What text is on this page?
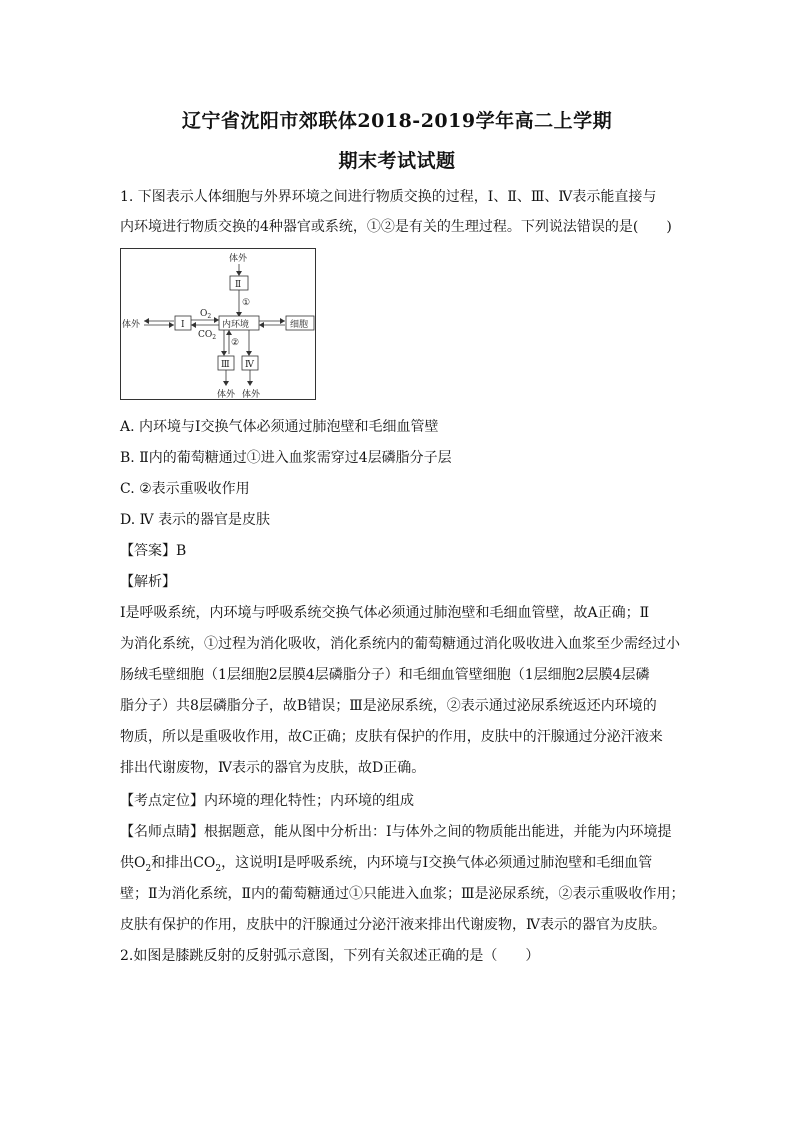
辽宁省沈阳市郊联体2018-2019学年高二上学期
期末考试试题
1. 下图表示人体细胞与外界环境之间进行物质交换的过程，Ⅰ、Ⅱ、Ⅲ、Ⅳ表示能直接与
内环境进行物质交换的4种器官或系统，①②是有关的生理过程。下列说法错误的是(　　)
体外
Ⅱ
①
体外	Ⅰ
$O_2$
$CO_2$
内环境	细胞
②
Ⅲ Ⅳ
体外 体外
A. 内环境与Ⅰ交换气体必须通过肺泡壁和毛细血管壁
B. Ⅱ内的葡萄糖通过①进入血浆需穿过4层磷脂分子层
C. ②表示重吸收作用
D. Ⅳ 表示的器官是皮肤
【答案】B
【解析】
Ⅰ是呼吸系统，内环境与呼吸系统交换气体必须通过肺泡壁和毛细血管壁，故A正确；Ⅱ
为消化系统，①过程为消化吸收，消化系统内的葡萄糖通过消化吸收进入血浆至少需经过小
肠绒毛壁细胞（1层细胞2层膜4层磷脂分子）和毛细血管壁细胞（1层细胞2层膜4层磷
脂分子）共8层磷脂分子，故B错误；Ⅲ是泌尿系统，②表示通过泌尿系统返还内环境的
物质，所以是重吸收作用，故C正确；皮肤有保护的作用，皮肤中的汗腺通过分泌汗液来
排出代谢废物，Ⅳ表示的器官为皮肤，故D正确。
【考点定位】内环境的理化特性；内环境的组成
【名师点睛】根据题意，能从图中分析出：Ⅰ与体外之间的物质能出能进，并能为内环境提
供$O_2$和排出$CO_2$，这说明Ⅰ是呼吸系统，内环境与Ⅰ交换气体必须通过肺泡壁和毛细血管
壁；Ⅱ为消化系统，Ⅱ内的葡萄糖通过①只能进入血浆；Ⅲ是泌尿系统，②表示重吸收作用；
皮肤有保护的作用，皮肤中的汗腺通过分泌汗液来排出代谢废物，Ⅳ表示的器官为皮肤。
2.如图是膝跳反射的反射弧示意图，下列有关叙述正确的是（　　）
